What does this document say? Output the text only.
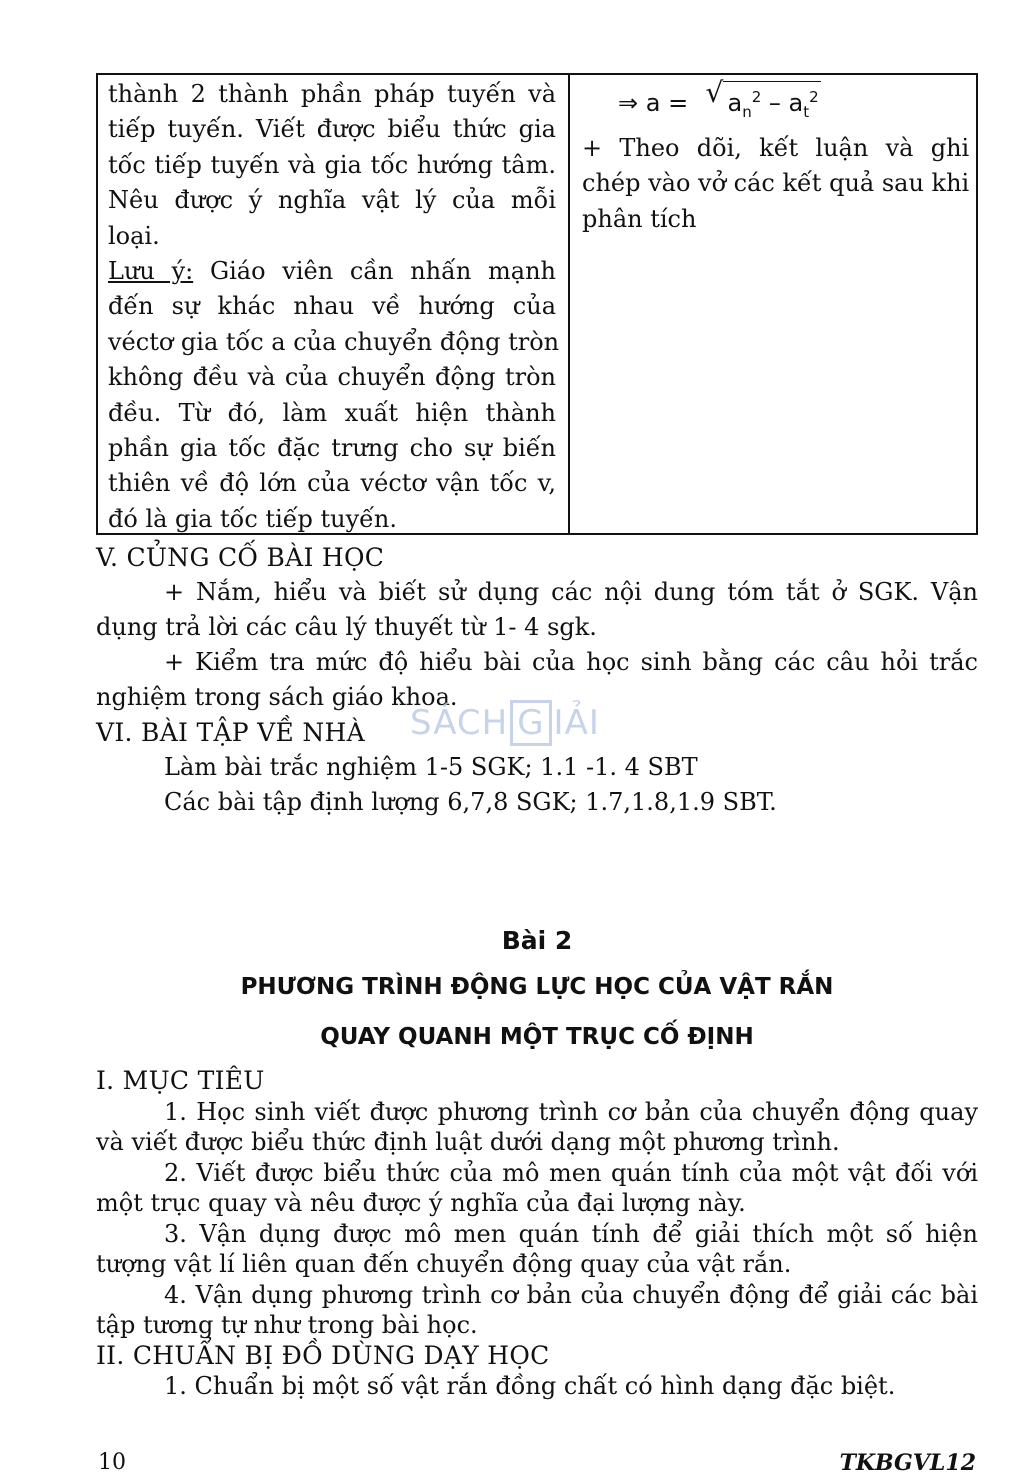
thành 2 thành phần pháp tuyến và
tiếp tuyến. Viết được biểu thức gia
tốc tiếp tuyến và gia tốc hướng tâm.
Nêu được ý nghĩa vật lý của mỗi
loại.
Lưu ý: Giáo viên cần nhấn mạnh
đến sự khác nhau về hướng của
véctơ gia tốc a của chuyển động tròn
không đều và của chuyển động tròn
đều. Từ đó, làm xuất hiện thành
phần gia tốc đặc trưng cho sự biến
thiên về độ lớn của véctơ vận tốc v,
đó là gia tốc tiếp tuyến.
⇒ a =  √ $a_n^2 - a_t^2$
+ Theo dõi, kết luận và ghi
chép vào vở các kết quả sau khi
phân tích
V. CỦNG CỐ BÀI HỌC
+ Nắm, hiểu và biết sử dụng các nội dung tóm tắt ở SGK. Vận dụng trả lời các câu lý thuyết từ 1- 4 sgk.
+ Kiểm tra mức độ hiểu bài của học sinh bằng các câu hỏi trắc nghiệm trong sách giáo khoa.
VI. BÀI TẬP VỀ NHÀ
Làm bài trắc nghiệm 1-5 SGK; 1.1 -1. 4 SBT
Các bài tập định lượng 6,7,8 SGK; 1.7,1.8,1.9 SBT.
SÁCH G IẢI
Bài 2
PHƯƠNG TRÌNH ĐỘNG LỰC HỌC CỦA VẬT RẮN
QUAY QUANH MỘT TRỤC CỐ ĐỊNH
I. MỤC TIÊU
1. Học sinh viết được phương trình cơ bản của chuyển động quay và viết được biểu thức định luật dưới dạng một phương trình.
2. Viết được biểu thức của mô men quán tính của một vật đối với một trục quay và nêu được ý nghĩa của đại lượng này.
3. Vận dụng được mô men quán tính để giải thích một số hiện tượng vật lí liên quan đến chuyển động quay của vật rắn.
4. Vận dụng phương trình cơ bản của chuyển động để giải các bài tập tương tự như trong bài học.
II. CHUẨN BỊ ĐỒ DÙNG DẠY HỌC
1. Chuẩn bị một số vật rắn đồng chất có hình dạng đặc biệt.
10	TKBGVL12
